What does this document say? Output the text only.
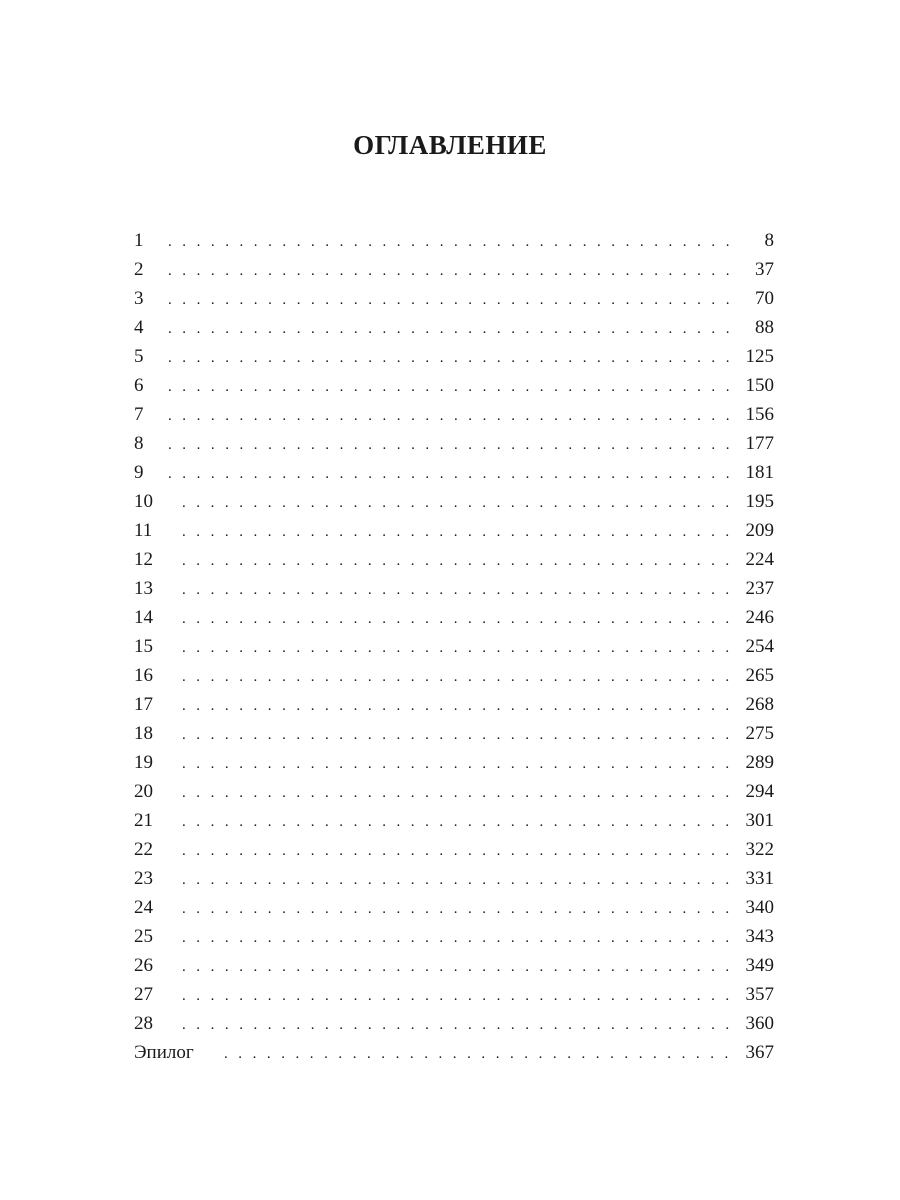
ОГЛАВЛЕНИЕ
1 . . .	8
2 . . .	37
3 . . .	70
4 . . .	88
5 . . .	125
6 . . .	150
7 . . .	156
8 . . .	177
9 . . .	181
10 . . .	195
11 . . .	209
12 . . .	224
13 . . .	237
14 . . .	246
15 . . .	254
16 . . .	265
17 . . .	268
18 . . .	275
19 . . .	289
20 . . .	294
21 . . .	301
22 . . .	322
23 . . .	331
24 . . .	340
25 . . .	343
26 . . .	349
27 . . .	357
28 . . .	360
Эпилог . . .	367
